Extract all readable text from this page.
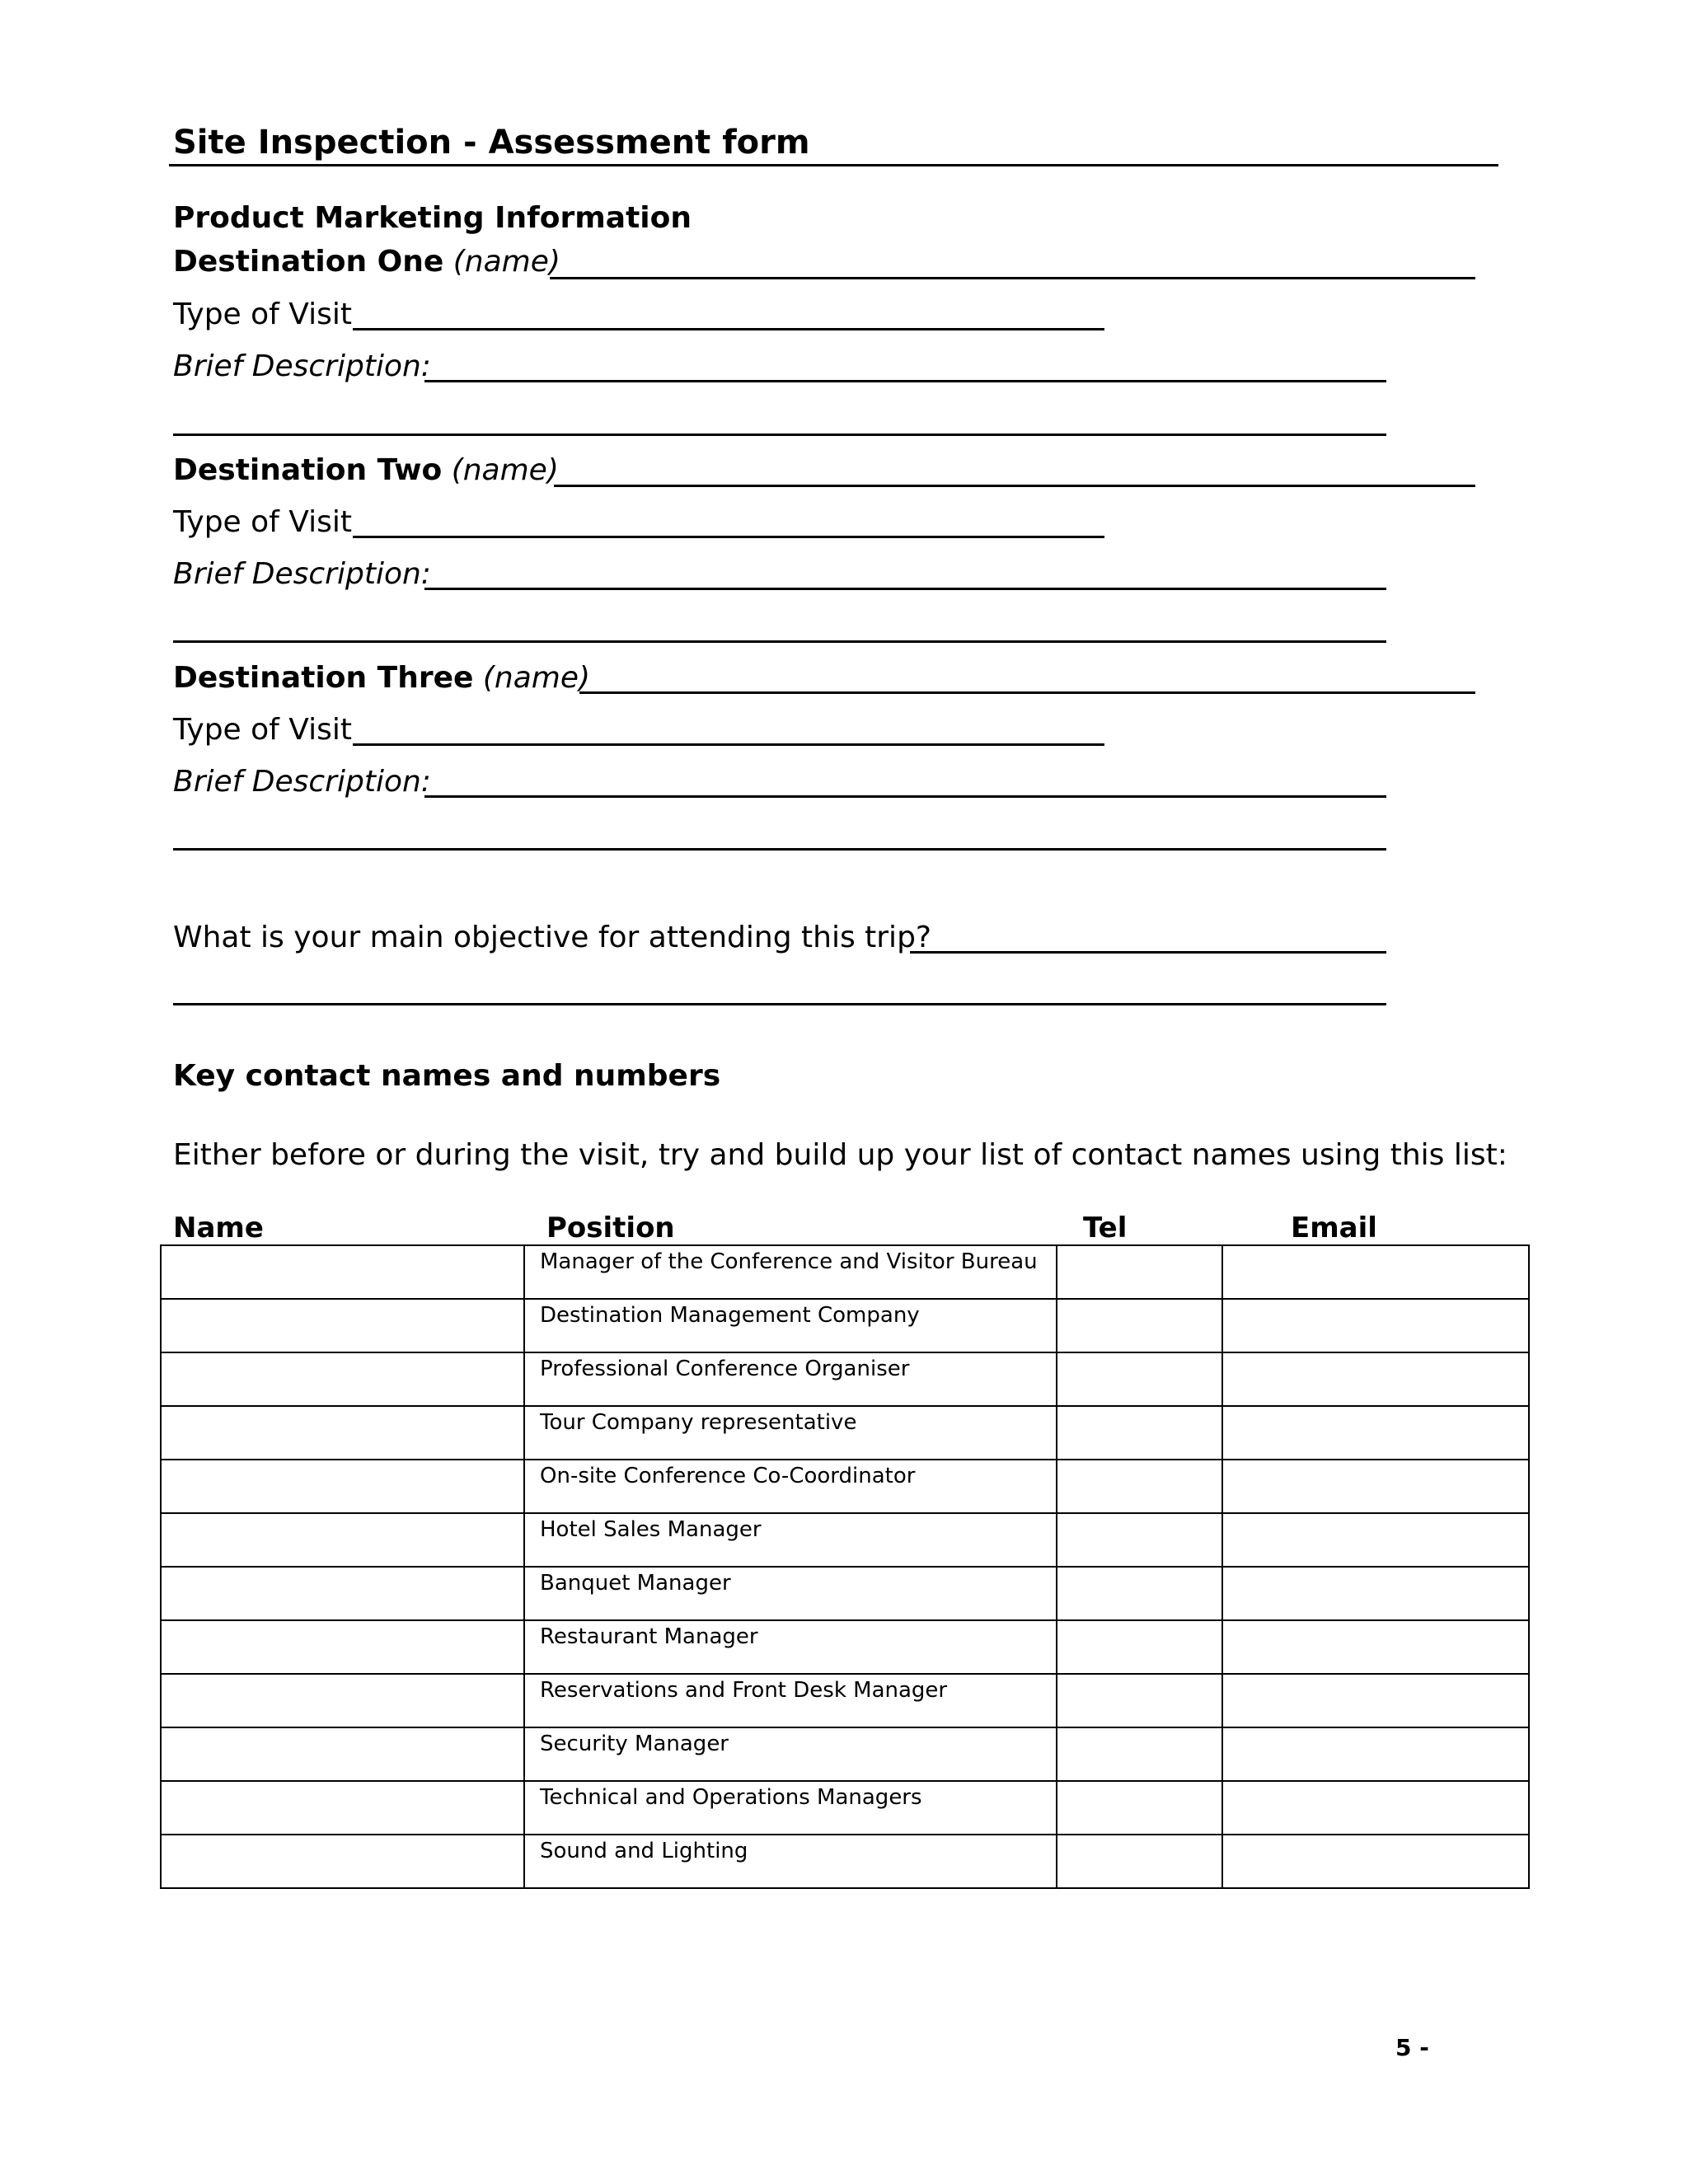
Site Inspection - Assessment form
Product Marketing Information
Destination One (name)
Type of Visit
Brief Description:
Destination Two (name)
Type of Visit
Brief Description:
Destination Three (name)
Type of Visit
Brief Description:
What is your main objective for attending this trip?
Key contact names and numbers
Either before or during the visit, try and build up your list of contact names using this list:
Name	Position	Tel	Email
	Manager of the Conference and Visitor Bureau		
	Destination Management Company		
	Professional Conference Organiser		
	Tour Company representative		
	On-site Conference Co-Coordinator		
	Hotel Sales Manager		
	Banquet Manager		
	Restaurant Manager		
	Reservations and Front Desk Manager		
	Security Manager		
	Technical and Operations Managers		
	Sound and Lighting		
5 -
